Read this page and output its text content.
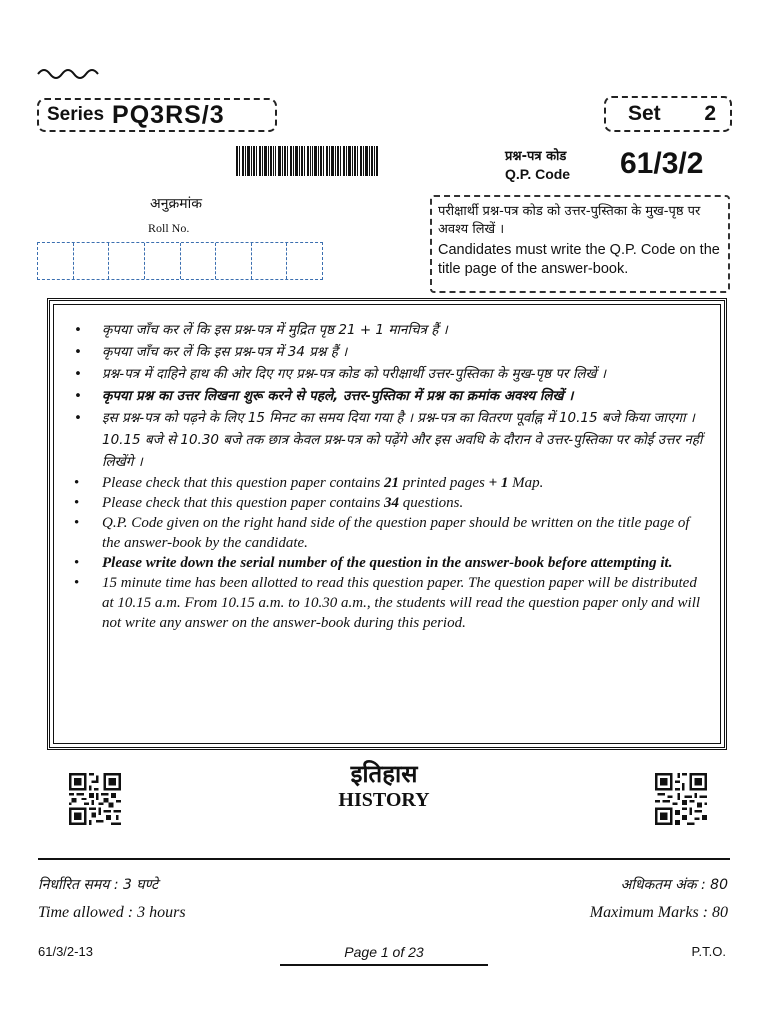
Series PQ3RS/3	Set 2
प्रश्न-पत्र कोड
Q.P. Code 61/3/2
अनुक्रमांक
Roll No.
परीक्षार्थी प्रश्न-पत्र कोड को उत्तर-पुस्तिका के मुख-पृष्ठ पर अवश्य लिखें ।
Candidates must write the Q.P. Code on the title page of the answer-book.
•	कृपया जाँच कर लें कि इस प्रश्न-पत्र में मुद्रित पृष्ठ 21 + 1 मानचित्र हैं ।
•	कृपया जाँच कर लें कि इस प्रश्न-पत्र में 34 प्रश्न हैं ।
•	प्रश्न-पत्र में दाहिने हाथ की ओर दिए गए प्रश्न-पत्र कोड को परीक्षार्थी उत्तर-पुस्तिका के मुख-पृष्ठ पर लिखें ।
•	कृपया प्रश्न का उत्तर लिखना शुरू करने से पहले, उत्तर-पुस्तिका में प्रश्न का क्रमांक अवश्य लिखें ।
•	इस प्रश्न-पत्र को पढ़ने के लिए 15 मिनट का समय दिया गया है । प्रश्न-पत्र का वितरण पूर्वाह्न में 10.15 बजे किया जाएगा । 10.15 बजे से 10.30 बजे तक छात्र केवल प्रश्न-पत्र को पढ़ेंगे और इस अवधि के दौरान वे उत्तर-पुस्तिका पर कोई उत्तर नहीं लिखेंगे ।
•	Please check that this question paper contains 21 printed pages + 1 Map.
•	Please check that this question paper contains 34 questions.
•	Q.P. Code given on the right hand side of the question paper should be written on the title page of the answer-book by the candidate.
•	Please write down the serial number of the question in the answer-book before attempting it.
•	15 minute time has been allotted to read this question paper. The question paper will be distributed at 10.15 a.m. From 10.15 a.m. to 10.30 a.m., the students will read the question paper only and will not write any answer on the answer-book during this period.
इतिहास
HISTORY
निर्धारित समय : 3 घण्टे
Time allowed : 3 hours
अधिकतम अंक : 80
Maximum Marks : 80
61/3/2-13	Page 1 of 23	P.T.O.
